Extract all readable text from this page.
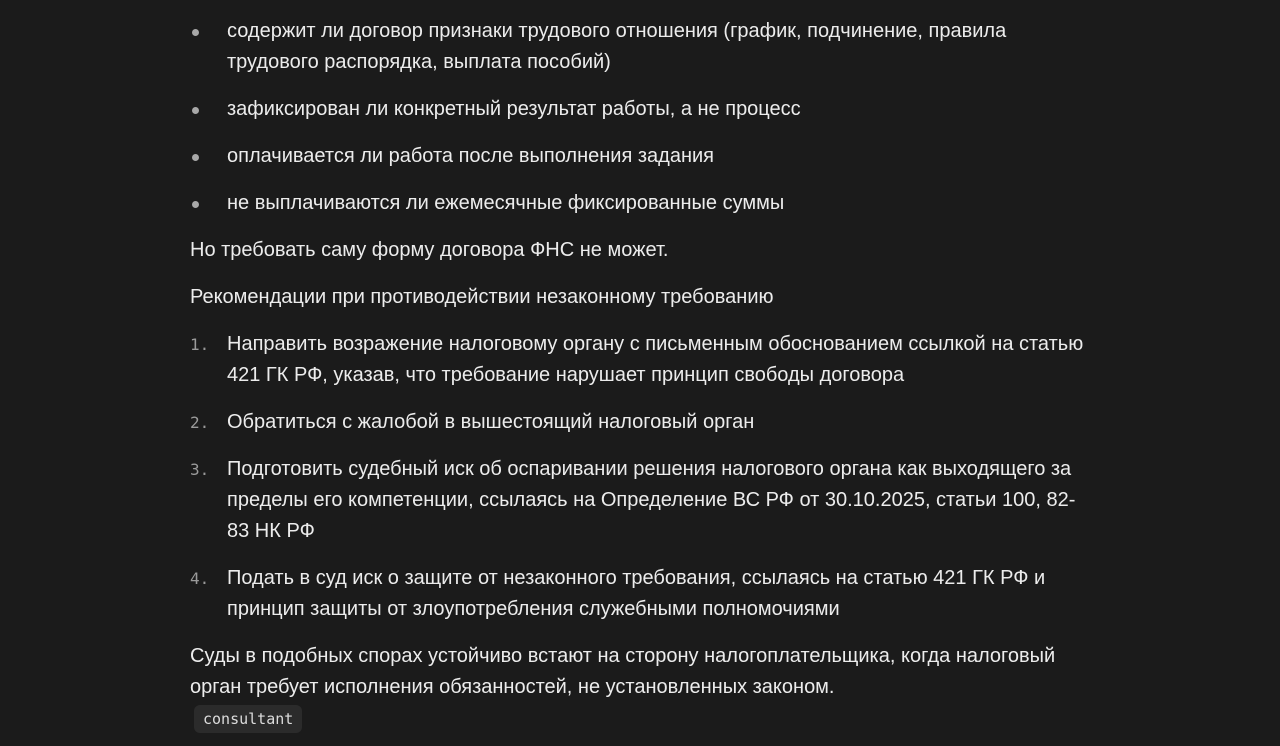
содержит ли договор признаки трудового отношения (график, подчинение, правила трудового распорядка, выплата пособий)
зафиксирован ли конкретный результат работы, а не процесс
оплачивается ли работа после выполнения задания
не выплачиваются ли ежемесячные фиксированные суммы

Но требовать саму форму договора ФНС не может.

Рекомендации при противодействии незаконному требованию

1. Направить возражение налоговому органу с письменным обоснованием ссылкой на статью 421 ГК РФ, указав, что требование нарушает принцип свободы договора
2. Обратиться с жалобой в вышестоящий налоговый орган
3. Подготовить судебный иск об оспаривании решения налогового органа как выходящего за пределы его компетенции, ссылаясь на Определение ВС РФ от 30.10.2025, статьи 100, 82-83 НК РФ
4. Подать в суд иск о защите от незаконного требования, ссылаясь на статью 421 ГК РФ и принцип защиты от злоупотребления служебными полномочиями

Суды в подобных спорах устойчиво встают на сторону налогоплательщика, когда налоговый орган требует исполнения обязанностей, не установленных законом.

consultant
